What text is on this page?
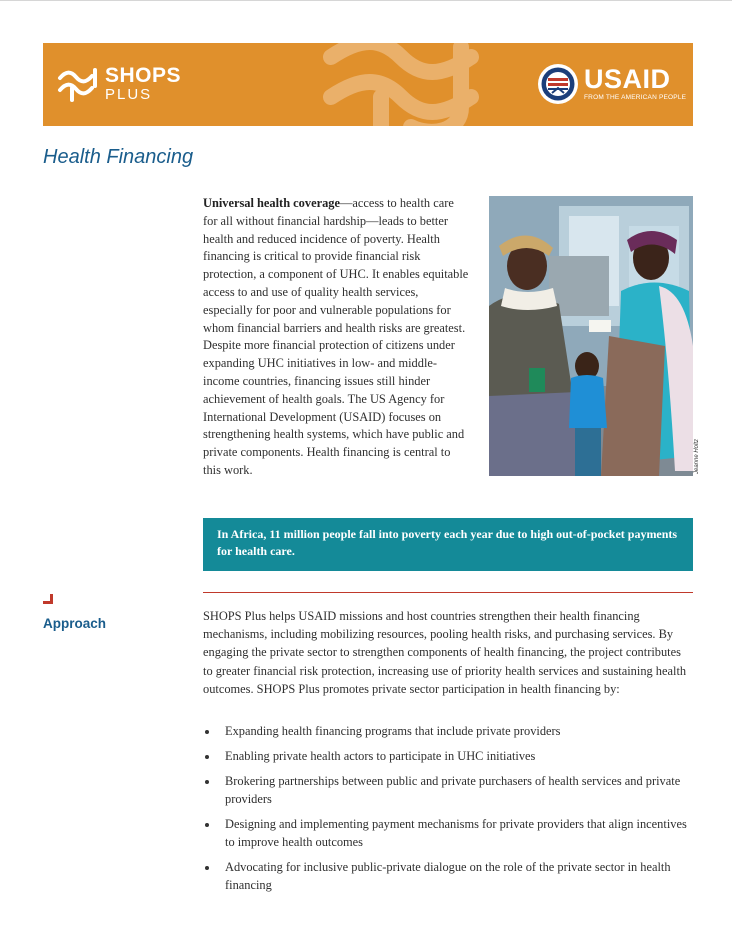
SHOPS
PLUS
USAID
FROM THE AMERICAN PEOPLE
Health Financing
Universal health coverage—access to health care for all without financial hardship—leads to better health and reduced incidence of poverty. Health financing is critical to provide financial risk protection, a component of UHC. It enables equitable access to and use of quality health services, especially for poor and vulnerable populations for whom financial barriers and health risks are greatest. Despite more financial protection of citizens under expanding UHC initiatives in low- and middle-income countries, financing issues still hinder achievement of health goals. The US Agency for International Development (USAID) focuses on strengthening health systems, which have public and private components. Health financing is central to this work.	Jeanne Holtz
In Africa, 11 million people fall into poverty each year due to high out-of-pocket payments for health care.
Approach	SHOPS Plus helps USAID missions and host countries strengthen their health financing mechanisms, including mobilizing resources, pooling health risks, and purchasing services. By engaging the private sector to strengthen components of health financing, the project contributes to greater financial risk protection, increasing use of priority health services and sustaining health outcomes. SHOPS Plus promotes private sector participation in health financing by:
Expanding health financing programs that include private providers
Enabling private health actors to participate in UHC initiatives
Brokering partnerships between public and private purchasers of health services and private providers
Designing and implementing payment mechanisms for private providers that align incentives to improve health outcomes
Advocating for inclusive public-private dialogue on the role of the private sector in health financing
